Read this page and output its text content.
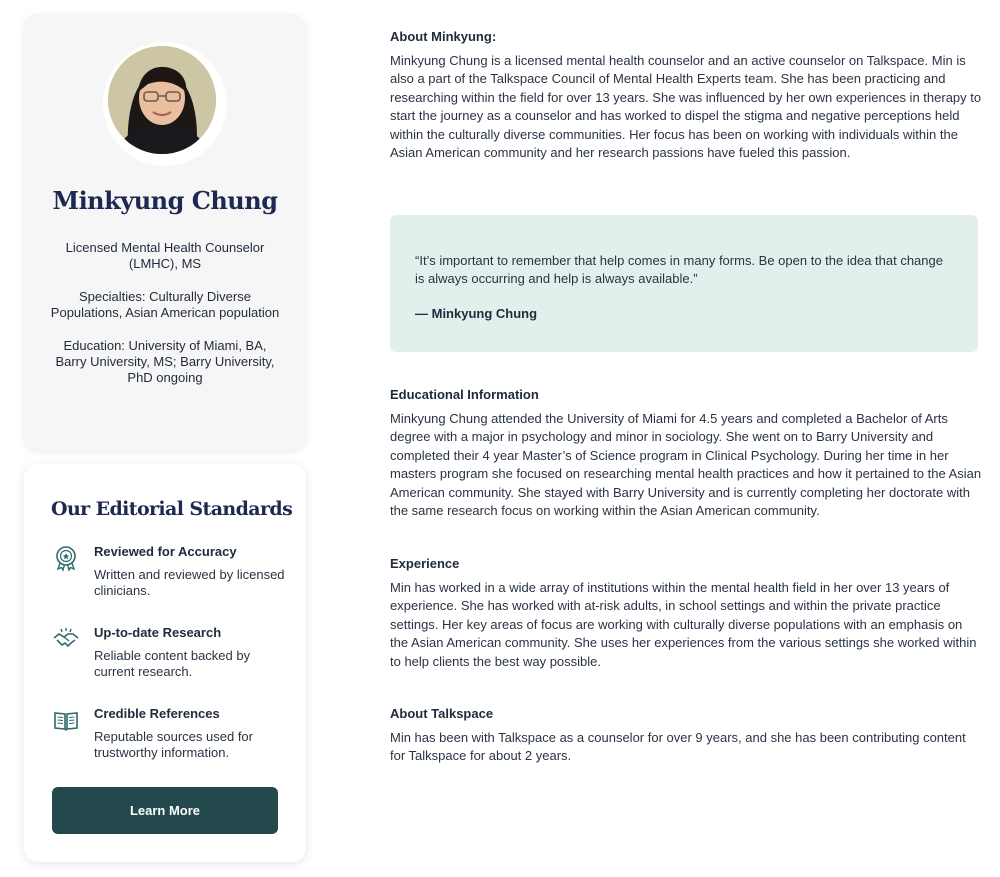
Minkyung Chung

Licensed Mental Health Counselor (LMHC), MS

Specialties: Culturally Diverse Populations, Asian American population

Education: University of Miami, BA, Barry University, MS; Barry University, PhD ongoing

Our Editorial Standards

Reviewed for Accuracy

Written and reviewed by licensed clinicians.

Up-to-date Research

Reliable content backed by current research.

Credible References

Reputable sources used for trustworthy information.

Learn More
About Minkyung:

Minkyung Chung is a licensed mental health counselor and an active counselor on Talkspace. Min is also a part of the Talkspace Council of Mental Health Experts team. She has been practicing and researching within the field for over 13 years. She was influenced by her own experiences in therapy to start the journey as a counselor and has worked to dispel the stigma and negative perceptions held within the culturally diverse communities. Her focus has been on working with individuals within the Asian American community and her research passions have fueled this passion.

“It’s important to remember that help comes in many forms. Be open to the idea that change is always occurring and help is always available.”

— Minkyung Chung
Educational Information

Minkyung Chung attended the University of Miami for 4.5 years and completed a Bachelor of Arts degree with a major in psychology and minor in sociology. She went on to Barry University and completed their 4 year Master’s of Science program in Clinical Psychology. During her time in her masters program she focused on researching mental health practices and how it pertained to the Asian American community. She stayed with Barry University and is currently completing her doctorate with the same research focus on working within the Asian American community.

Experience

Min has worked in a wide array of institutions within the mental health field in her over 13 years of experience. She has worked with at-risk adults, in school settings and within the private practice settings. Her key areas of focus are working with culturally diverse populations with an emphasis on the Asian American community. She uses her experiences from the various settings she worked within to help clients the best way possible.

About Talkspace

Min has been with Talkspace as a counselor for over 9 years, and she has been contributing content for Talkspace for about 2 years.
